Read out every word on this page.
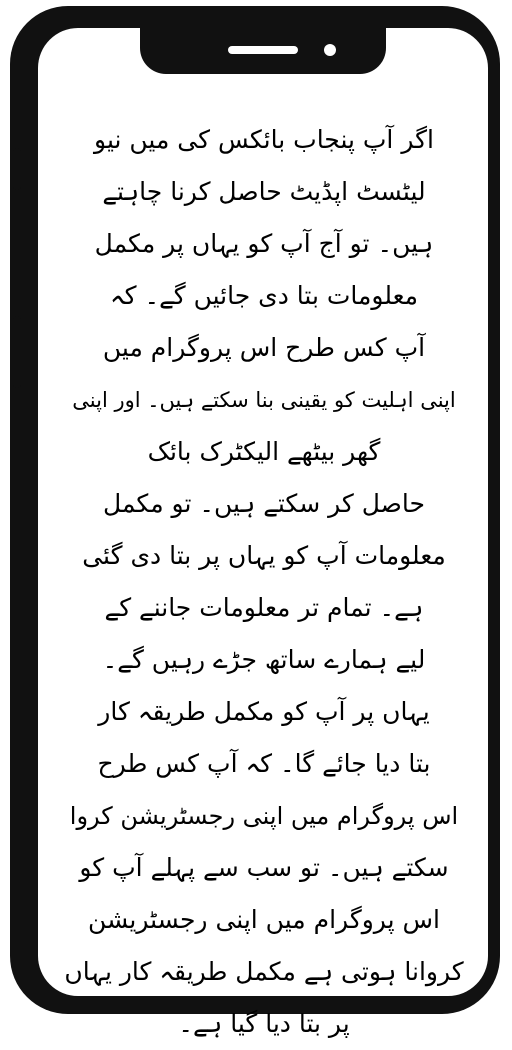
اگر آپ پنجاب بائکس کی میں نیو
لیٹسٹ اپڈیٹ حاصل کرنا چاہتے
ہیں۔ تو آج آپ کو یہاں پر مکمل
معلومات بتا دی جائیں گے۔ کہ
آپ کس طرح اس پروگرام میں
اپنی اہلیت کو یقینی بنا سکتے ہیں۔ اور اپنی
گھر بیٹھے الیکٹرک بائک
حاصل کر سکتے ہیں۔ تو مکمل
معلومات آپ کو یہاں پر بتا دی گئی
ہے۔ تمام تر معلومات جاننے کے
لیے ہمارے ساتھ جڑے رہیں گے۔
یہاں پر آپ کو مکمل طریقہ کار
بتا دیا جائے گا۔ کہ آپ کس طرح
اس پروگرام میں اپنی رجسٹریشن کروا
سکتے ہیں۔ تو سب سے پہلے آپ کو
اس پروگرام میں اپنی رجسٹریشن
کروانا ہوتی ہے مکمل طریقہ کار یہاں
پر بتا دیا گیا ہے۔
